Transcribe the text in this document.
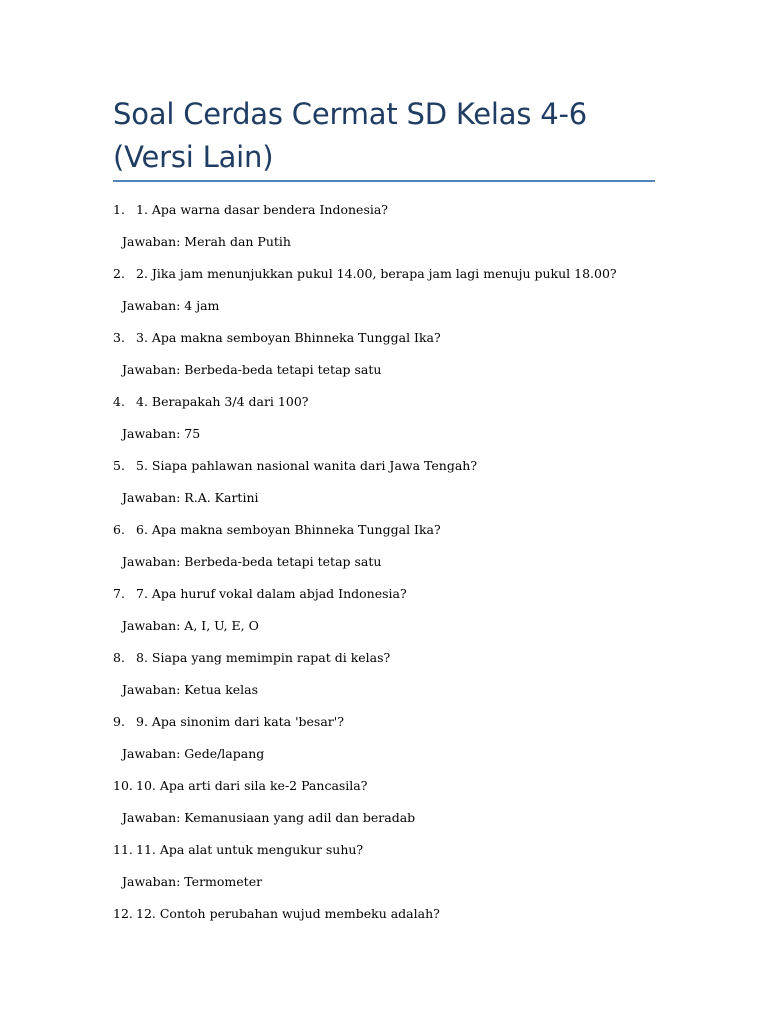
Soal Cerdas Cermat SD Kelas 4-6 (Versi Lain)
1. 1. Apa warna dasar bendera Indonesia?
Jawaban: Merah dan Putih
2. 2. Jika jam menunjukkan pukul 14.00, berapa jam lagi menuju pukul 18.00?
Jawaban: 4 jam
3. 3. Apa makna semboyan Bhinneka Tunggal Ika?
Jawaban: Berbeda-beda tetapi tetap satu
4. 4. Berapakah 3/4 dari 100?
Jawaban: 75
5. 5. Siapa pahlawan nasional wanita dari Jawa Tengah?
Jawaban: R.A. Kartini
6. 6. Apa makna semboyan Bhinneka Tunggal Ika?
Jawaban: Berbeda-beda tetapi tetap satu
7. 7. Apa huruf vokal dalam abjad Indonesia?
Jawaban: A, I, U, E, O
8. 8. Siapa yang memimpin rapat di kelas?
Jawaban: Ketua kelas
9. 9. Apa sinonim dari kata 'besar'?
Jawaban: Gede/lapang
10. 10. Apa arti dari sila ke-2 Pancasila?
Jawaban: Kemanusiaan yang adil dan beradab
11. 11. Apa alat untuk mengukur suhu?
Jawaban: Termometer
12. 12. Contoh perubahan wujud membeku adalah?
